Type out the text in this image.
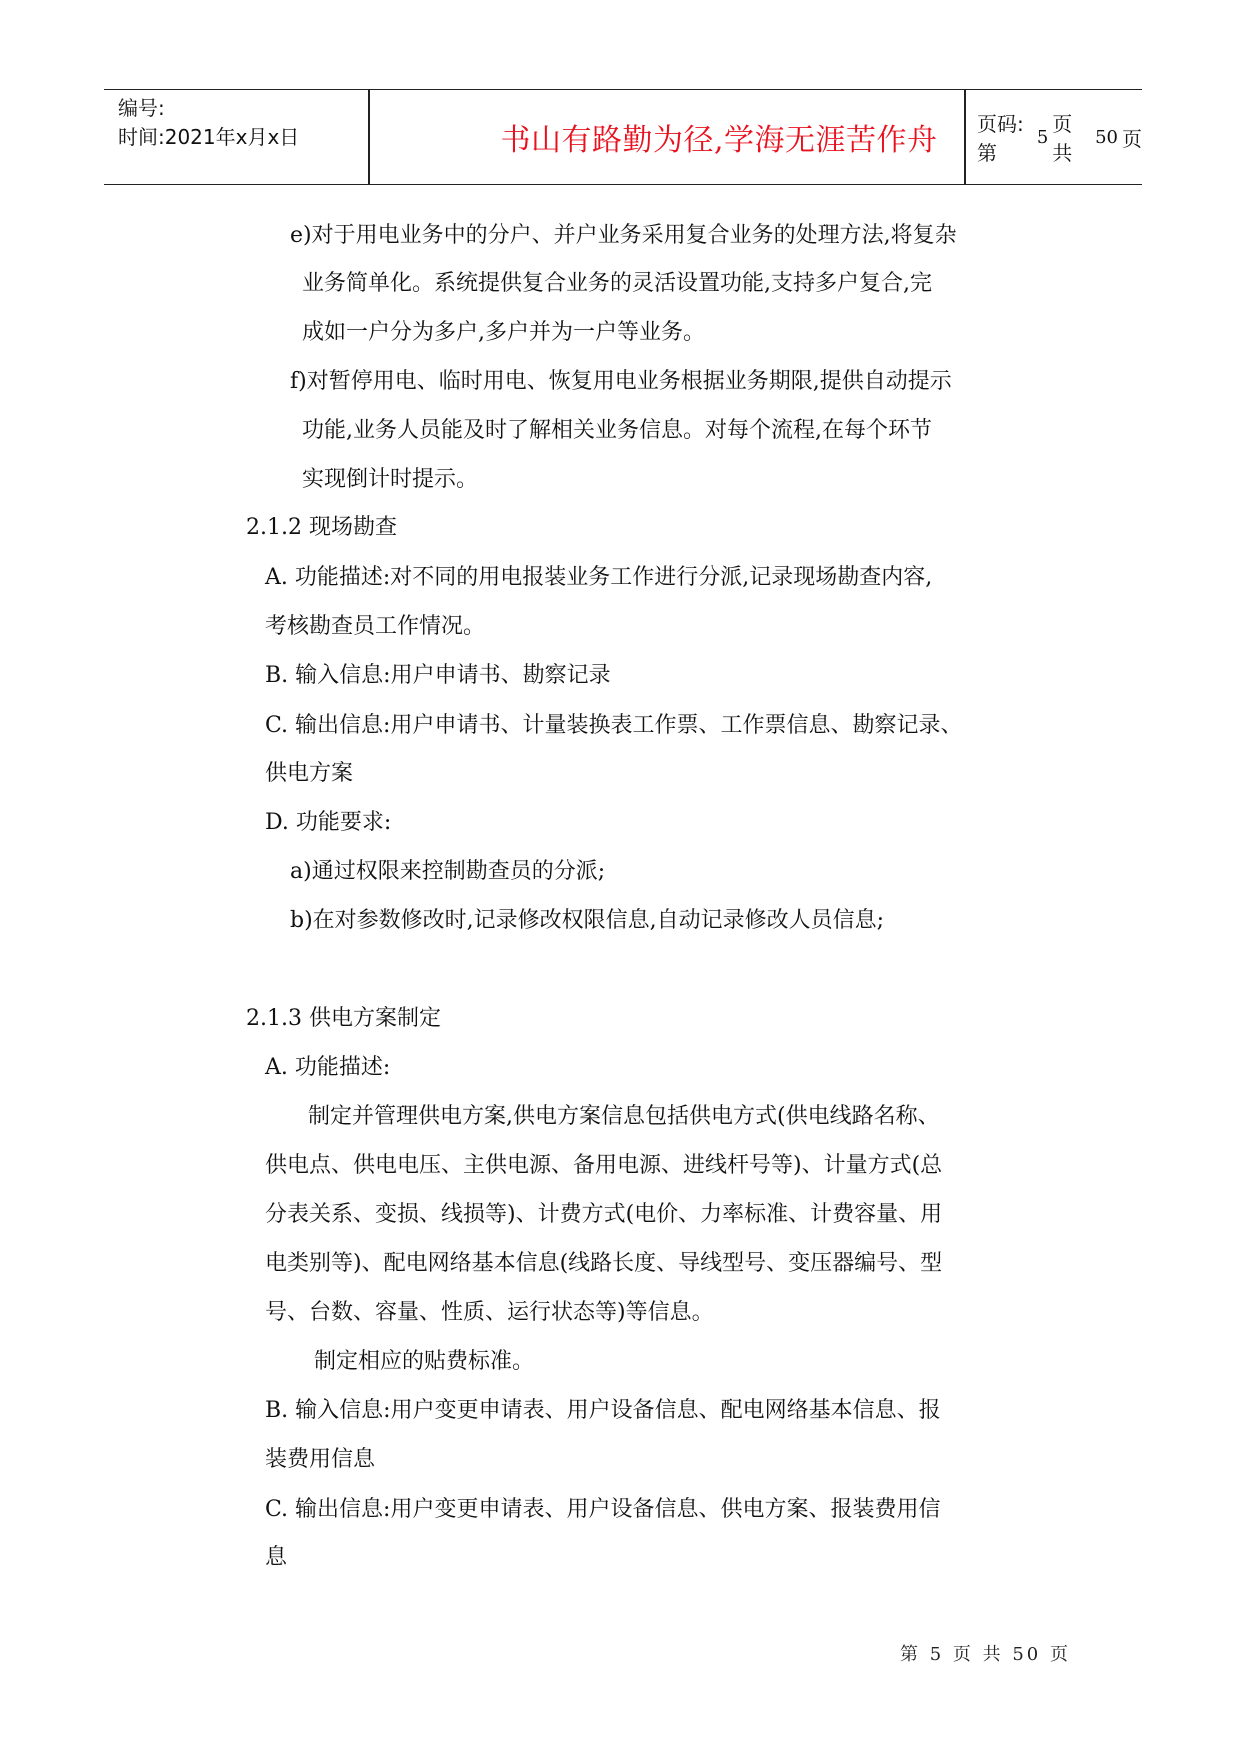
编号:
时间:2021年x月x日	书山有路勤为径,学海无涯苦作舟	页码:第
5
页 共
50 页
e)对于用电业务中的分户、并户业务采用复合业务的处理方法,将复杂
业务简单化。系统提供复合业务的灵活设置功能,支持多户复合,完
成如一户分为多户,多户并为一户等业务。
f)对暂停用电、临时用电、恢复用电业务根据业务期限,提供自动提示
功能,业务人员能及时了解相关业务信息。对每个流程,在每个环节
实现倒计时提示。
2.1.2 现场勘查
A. 功能描述:对不同的用电报装业务工作进行分派,记录现场勘查内容,
考核勘查员工作情况。
B. 输入信息:用户申请书、勘察记录
C. 输出信息:用户申请书、计量装换表工作票、工作票信息、勘察记录、
供电方案
D. 功能要求:
a)通过权限来控制勘查员的分派;
b)在对参数修改时,记录修改权限信息,自动记录修改人员信息;
2.1.3 供电方案制定
A. 功能描述:
制定并管理供电方案,供电方案信息包括供电方式(供电线路名称、
供电点、供电电压、主供电源、备用电源、进线杆号等)、计量方式(总
分表关系、变损、线损等)、计费方式(电价、力率标准、计费容量、用
电类别等)、配电网络基本信息(线路长度、导线型号、变压器编号、型
号、台数、容量、性质、运行状态等)等信息。
制定相应的贴费标准。
B. 输入信息:用户变更申请表、用户设备信息、配电网络基本信息、报
装费用信息
C. 输出信息:用户变更申请表、用户设备信息、供电方案、报装费用信
息
第 5 页 共 50 页
